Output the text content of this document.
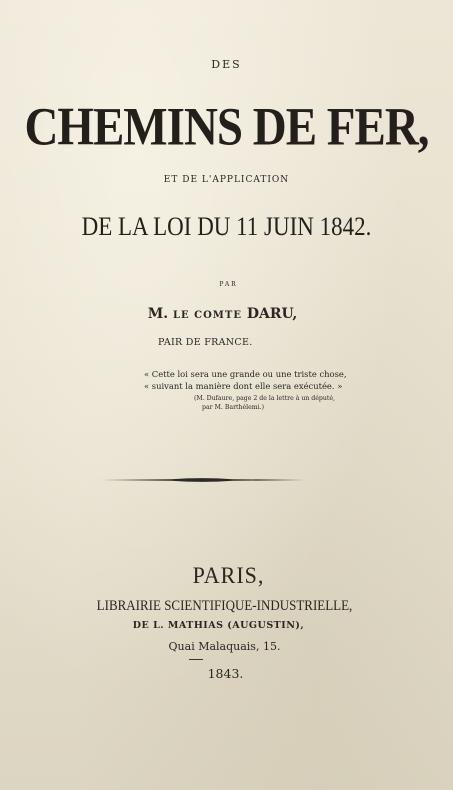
DES
CHEMINS DE FER,
ET DE L'APPLICATION
DE LA LOI DU 11 JUIN 1842.
PAR
M. LE COMTE DARU,
PAIR DE FRANCE.
« Cette loi sera une grande ou une triste chose,
« suivant la manière dont elle sera exécutée. »
(M. Dufaure, page 2 de la lettre à un député,
par M. Barthélemi.)
PARIS,
LIBRAIRIE SCIENTIFIQUE-INDUSTRIELLE,
DE L. MATHIAS (AUGUSTIN),
Quai Malaquais, 15.
1843.
